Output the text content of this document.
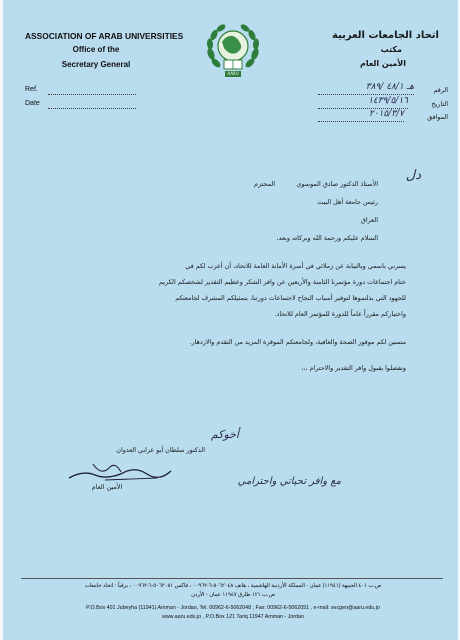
ASSOCIATION OF ARAB UNIVERSITIES
Office of the
Secretary General
AARU
اتحاد الجامعات العربية
مكتب
الأمين العام
Ref.
Date
الرقم
هـ ٤٨/١ /٣٨٩
التاريخ
١٤٣٩/٥/١٦
الموافق
٢٠١٥/٣/٧
دل
الأستاذ الدكتور صادق الموسوي
المحترم
رئيس جامعة أهل البيت
العراق
السلام عليكم ورحمة الله وبركاته وبعد،
يسرني باسمي وبالنيابة عن زملائي في أسرة الأمانة العامة للاتحاد، أن أعرب لكم في
ختام اجتماعات دورة مؤتمرنا الثامنة والأربعين عن وافر الشكر وعظيم التقدير لشخصكم الكريم
للجهود التي بذلتموها لتوفير أسباب النجاح لاجتماعات دورتنا، بتمثيلكم المشرف لجامعتكم
واختياركم مقرراً عاماً للدورة للمؤتمر العام للاتحاد.
متمنين لكم موفور الصحة والعافية، ولجامعتكم الموقرة المزيد من التقدم والازدهار.
وتفضلوا بقبول وافر التقدير والاحترام ،،،
الدكتور سلطان أبو عرابي العدوان
الأمين العام
أخوكم
مع وافر تحياتي واحترامي
ص.ب ٤٠١ الجبيهة (١١٩٤١) عمان - المملكة الأردنية الهاشمية ، هاتف ٥٠٦٢٠٤٨-٦-٠٠٩٦٢ ، فاكس ٥٠٦٢٠٥١-٦-٠٠٩٦٢ ، برقياً : اتحاد جامعات
ص.ب ١٢١ طارق ١١٩٤٧ عمان - الأردن
P.O.Box 401 Jubeyha (11941) Amman - Jordan, Tel. 00962-6-5062048 , Fax: 00962-6-5062051 , e-mail: secgen@aaru.edu.jo
www.aaru.edu.jo , P.O.Box 121 Tariq 11947 Amman - Jordan
